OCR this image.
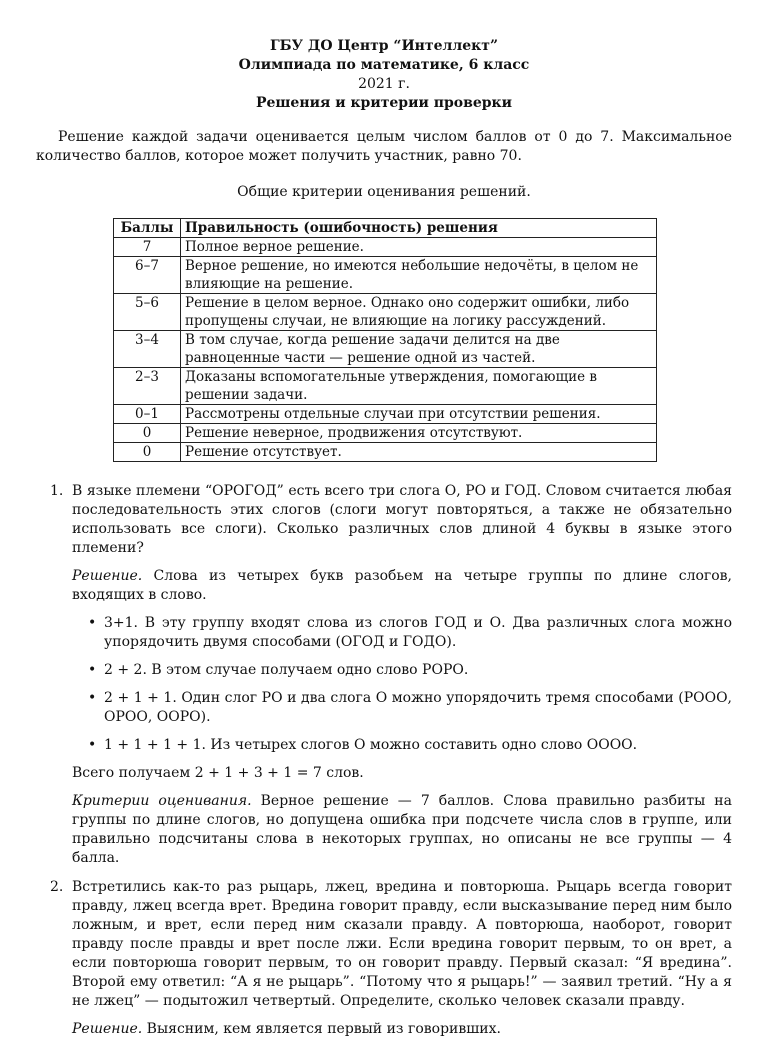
ГБУ ДО Центр “Интеллект”
Олимпиада по математике, 6 класс
2021 г.
Решения и критерии проверки
Решение каждой задачи оценивается целым числом баллов от 0 до 7. Максимальное количество баллов, которое может получить участник, равно 70.
Общие критерии оценивания решений.
Баллы	Правильность (ошибочность) решения
7	Полное верное решение.
6–7	Верное решение, но имеются небольшие недочёты, в целом не влияющие на решение.
5–6	Решение в целом верное. Однако оно содержит ошибки, либо пропущены случаи, не влияющие на логику рассуждений.
3–4	В том случае, когда решение задачи делится на две равноценные части — решение одной из частей.
2–3	Доказаны вспомогательные утверждения, помогающие в решении задачи.
0–1	Рассмотрены отдельные случаи при отсутствии решения.
0	Решение неверное, продвижения отсутствуют.
0	Решение отсутствует.
1. В языке племени “ОРОГОД” есть всего три слога О, РО и ГОД. Словом считается любая последовательность этих слогов (слоги могут повторяться, а также не обязательно использовать все слоги). Сколько различных слов длиной 4 буквы в языке этого племени?

Решение. Слова из четырех букв разобьем на четыре группы по длине слогов, входящих в слово.

• 3+1. В эту группу входят слова из слогов ГОД и О. Два различных слога можно упорядочить двумя способами (ОГОД и ГОДО).
• 2 + 2. В этом случае получаем одно слово РОРО.
• 2 + 1 + 1. Один слог РО и два слога О можно упорядочить тремя способами (РООО, ОРОО, ООРО).
• 1 + 1 + 1 + 1. Из четырех слогов О можно составить одно слово ОООО.

Всего получаем 2 + 1 + 3 + 1 = 7 слов.

Критерии оценивания. Верное решение — 7 баллов. Слова правильно разбиты на группы по длине слогов, но допущена ошибка при подсчете числа слов в группе, или правильно подсчитаны слова в некоторых группах, но описаны не все группы — 4 балла.

2. Встретились как-то раз рыцарь, лжец, вредина и повторюша. Рыцарь всегда говорит правду, лжец всегда врет. Вредина говорит правду, если высказывание перед ним было ложным, и врет, если перед ним сказали правду. А повторюша, наоборот, говорит правду после правды и врет после лжи. Если вредина говорит первым, то он врет, а если повторюша говорит первым, то он говорит правду. Первый сказал: “Я вредина”. Второй ему ответил: “А я не рыцарь”. “Потому что я рыцарь!” — заявил третий. “Ну а я не лжец” — подытожил четвертый. Определите, сколько человек сказали правду.

Решение. Выясним, кем является первый из говоривших.
